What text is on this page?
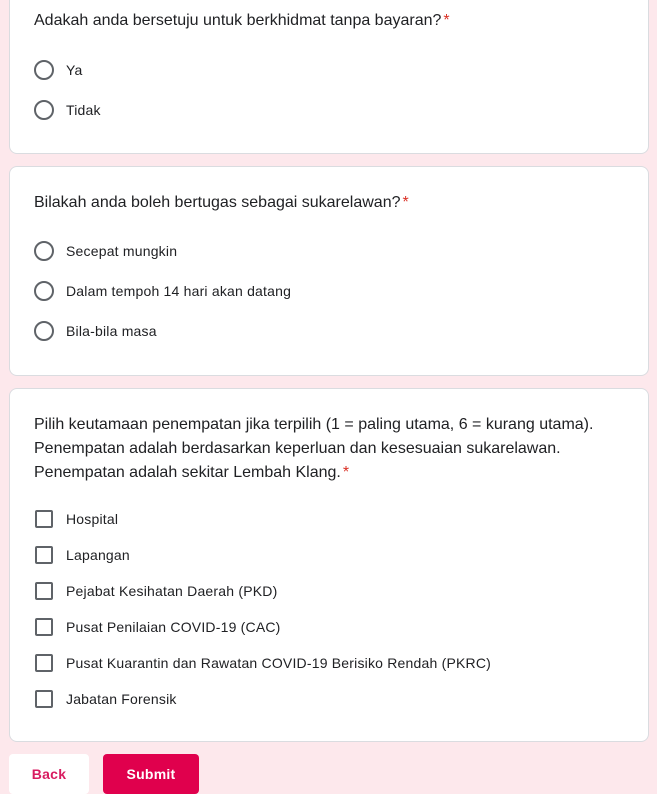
Adakah anda bersetuju untuk berkhidmat tanpa bayaran? *
Ya
Tidak
Bilakah anda boleh bertugas sebagai sukarelawan? *
Secepat mungkin
Dalam tempoh 14 hari akan datang
Bila-bila masa
Pilih keutamaan penempatan jika terpilih (1 = paling utama, 6 = kurang utama).
Penempatan adalah berdasarkan keperluan dan kesesuaian sukarelawan.
Penempatan adalah sekitar Lembah Klang. *
Hospital
Lapangan
Pejabat Kesihatan Daerah (PKD)
Pusat Penilaian COVID-19 (CAC)
Pusat Kuarantin dan Rawatan COVID-19 Berisiko Rendah (PKRC)
Jabatan Forensik
Back	Submit
